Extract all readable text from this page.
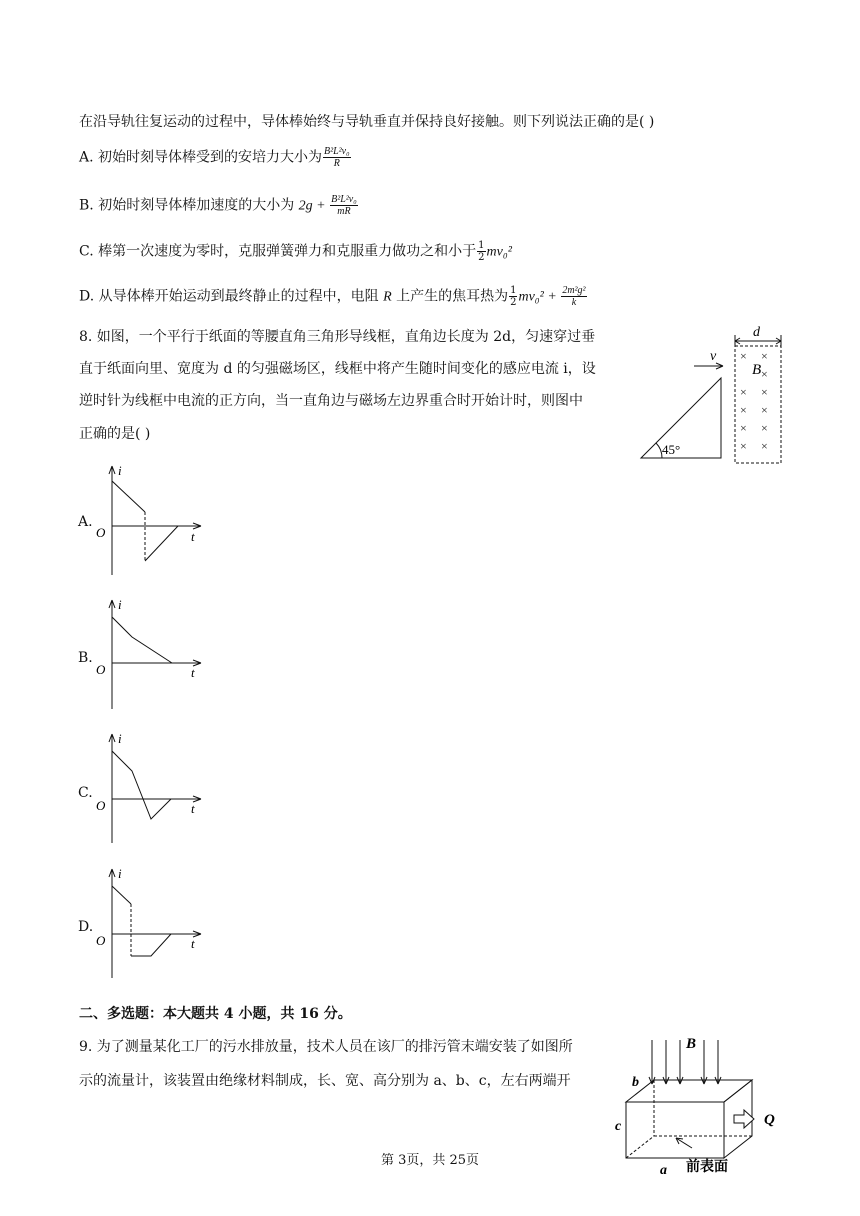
在沿导轨往复运动的过程中，导体棒始终与导轨垂直并保持良好接触。则下列说法正确的是( )
A. 初始时刻导体棒受到的安培力大小为 $\frac{\text{B²L²v₀}}{R}$
B. 初始时刻导体棒加速度的大小为 $2g + \frac{\text{B²L²v₀}}{mR}$
C. 棒第一次速度为零时，克服弹簧弹力和克服重力做功之和小于 $\frac{1}{2} mv_0^2$
D. 从导体棒开始运动到最终静止的过程中，电阻 R 上产生的焦耳热为 $\frac{1}{2} mv_0^2 + \frac{\text{2m²g²}}{k}$
8. 如图，一个平行于纸面的等腰直角三角形导线框，直角边长度为 2d，匀速穿过垂
直于纸面向里、宽度为 d 的匀强磁场区，线框中将产生随时间变化的感应电流 i，设
逆时针为线框中电流的正方向，当一直角边与磁场左边界重合时开始计时，则图中
正确的是( )
d
× ×
×
× ×
× ×
× ×
× ×
B
v
45°
A.
i
O	t
B.
i
O	t
C.
i
O	t
D.
i
O	t
二、多选题：本大题共 4 小题，共 16 分。
9. 为了测量某化工厂的污水排放量，技术人员在该厂的排污管末端安装了如图所
示的流量计，该装置由绝缘材料制成，长、宽、高分别为 a、b、c，左右两端开
B
b
c
a
Q
前表面
第 3页，共 25页
